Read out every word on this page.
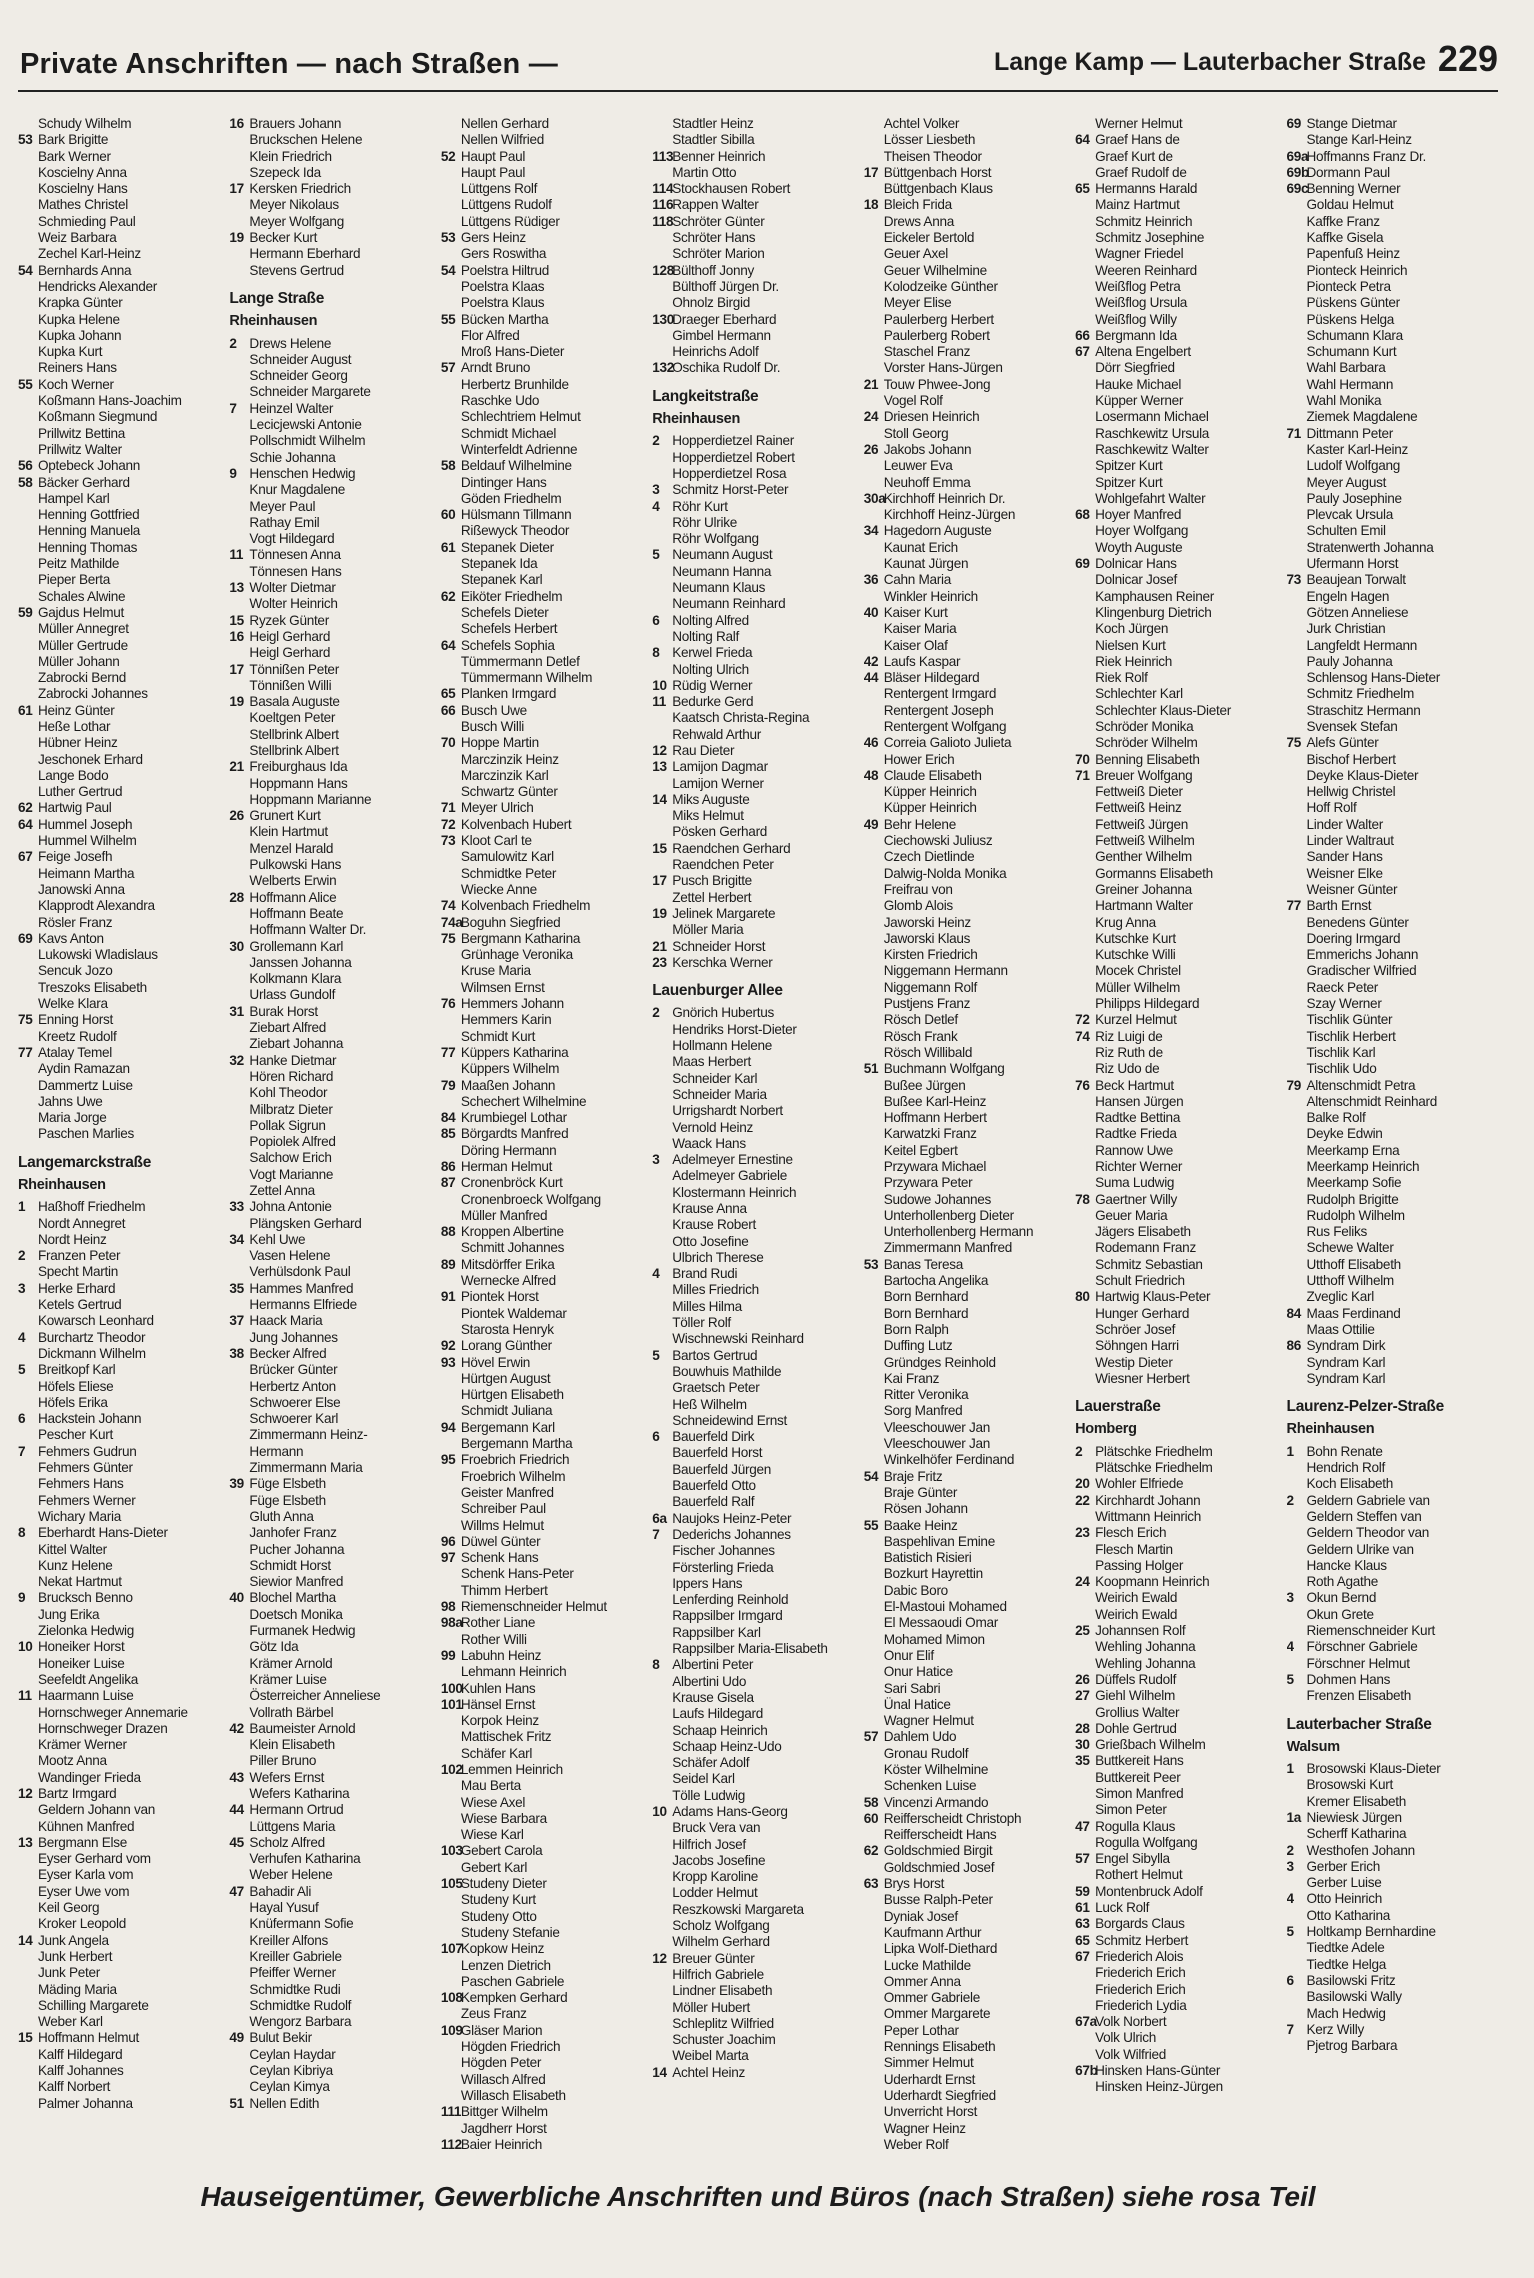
Private Anschriften — nach Straßen —	Lange Kamp — Lauterbacher Straße 229
Schudy Wilhelm
53 Bark Brigitte
Bark Werner
Koscielny Anna
Koscielny Hans
Mathes Christel
Schmieding Paul
Weiz Barbara
Zechel Karl-Heinz
54 Bernhards Anna
Hendricks Alexander
Krapka Günter
Kupka Helene
Kupka Johann
Kupka Kurt
Reiners Hans
55 Koch Werner
Koßmann Hans-Joachim
Koßmann Siegmund
Prillwitz Bettina
Prillwitz Walter
56 Optebeck Johann
58 Bäcker Gerhard
Hampel Karl
Henning Gottfried
Henning Manuela
Henning Thomas
Peitz Mathilde
Pieper Berta
Schales Alwine
59 Gajdus Helmut
Müller Annegret
Müller Gertrude
Müller Johann
Zabrocki Bernd
Zabrocki Johannes
61 Heinz Günter
Heße Lothar
Hübner Heinz
Jeschonek Erhard
Lange Bodo
Luther Gertrud
62 Hartwig Paul
64 Hummel Joseph
Hummel Wilhelm
67 Feige Josefh
Heimann Martha
Janowski Anna
Klapprodt Alexandra
Rösler Franz
69 Kavs Anton
Lukowski Wladislaus
Sencuk Jozo
Treszoks Elisabeth
Welke Klara
75 Enning Horst
Kreetz Rudolf
77 Atalay Temel
Aydin Ramazan
Dammertz Luise
Jahns Uwe
Maria Jorge
Paschen Marlies
Langemarckstraße
Rheinhausen
1 Haßhoff Friedhelm
Nordt Annegret
Nordt Heinz
2 Franzen Peter
Specht Martin
3 Herke Erhard
Ketels Gertrud
Kowarsch Leonhard
4 Burchartz Theodor
Dickmann Wilhelm
5 Breitkopf Karl
Höfels Eliese
Höfels Erika
6 Hackstein Johann
Pescher Kurt
7 Fehmers Gudrun
Fehmers Günter
Fehmers Hans
Fehmers Werner
Wichary Maria
8 Eberhardt Hans-Dieter
Kittel Walter
Kunz Helene
Nekat Hartmut
9 Brucksch Benno
Jung Erika
Zielonka Hedwig
10 Honeiker Horst
Honeiker Luise
Seefeldt Angelika
11 Haarmann Luise
Hornschweger Annemarie
Hornschweger Drazen
Krämer Werner
Mootz Anna
Wandinger Frieda
12 Bartz Irmgard
Geldern Johann van
Kühnen Manfred
13 Bergmann Else
Eyser Gerhard vom
Eyser Karla vom
Eyser Uwe vom
Keil Georg
Kroker Leopold
14 Junk Angela
Junk Herbert
Junk Peter
Mäding Maria
Schilling Margarete
Weber Karl
15 Hoffmann Helmut
Kalff Hildegard
Kalff Johannes
Kalff Norbert
Palmer Johanna
16 Brauers Johann
Bruckschen Helene
Klein Friedrich
Szepeck Ida
17 Kersken Friedrich
Meyer Nikolaus
Meyer Wolfgang
19 Becker Kurt
Hermann Eberhard
Stevens Gertrud
Lange Straße
Rheinhausen
2 Drews Helene
Schneider August
Schneider Georg
Schneider Margarete
7 Heinzel Walter
Lecicjewski Antonie
Pollschmidt Wilhelm
Schie Johanna
9 Henschen Hedwig
Knur Magdalene
Meyer Paul
Rathay Emil
Vogt Hildegard
11 Tönnesen Anna
Tönnesen Hans
13 Wolter Dietmar
Wolter Heinrich
15 Ryzek Günter
16 Heigl Gerhard
Heigl Gerhard
17 Tönnißen Peter
Tönnißen Willi
19 Basala Auguste
Koeltgen Peter
Stellbrink Albert
Stellbrink Albert
21 Freiburghaus Ida
Hoppmann Hans
Hoppmann Marianne
26 Grunert Kurt
Klein Hartmut
Menzel Harald
Pulkowski Hans
Welberts Erwin
28 Hoffmann Alice
Hoffmann Beate
Hoffmann Walter Dr.
30 Grollemann Karl
Janssen Johanna
Kolkmann Klara
Urlass Gundolf
31 Burak Horst
Ziebart Alfred
Ziebart Johanna
32 Hanke Dietmar
Hören Richard
Kohl Theodor
Milbratz Dieter
Pollak Sigrun
Popiolek Alfred
Salchow Erich
Vogt Marianne
Zettel Anna
33 Johna Antonie
Plängsken Gerhard
34 Kehl Uwe
Vasen Helene
Verhülsdonk Paul
35 Hammes Manfred
Hermanns Elfriede
37 Haack Maria
Jung Johannes
38 Becker Alfred
Brücker Günter
Herbertz Anton
Schwoerer Else
Schwoerer Karl
Zimmermann Heinz-
Hermann
Zimmermann Maria
39 Füge Elsbeth
Füge Elsbeth
Gluth Anna
Janhofer Franz
Pucher Johanna
Schmidt Horst
Siewior Manfred
40 Blochel Martha
Doetsch Monika
Furmanek Hedwig
Götz Ida
Krämer Arnold
Krämer Luise
Österreicher Anneliese
Vollrath Bärbel
42 Baumeister Arnold
Klein Elisabeth
Piller Bruno
43 Wefers Ernst
Wefers Katharina
44 Hermann Ortrud
Lüttgens Maria
45 Scholz Alfred
Verhufen Katharina
Weber Helene
47 Bahadir Ali
Hayal Yusuf
Knüfermann Sofie
Kreiller Alfons
Kreiller Gabriele
Pfeiffer Werner
Schmidtke Rudi
Schmidtke Rudolf
Wengorz Barbara
49 Bulut Bekir
Ceylan Haydar
Ceylan Kibriya
Ceylan Kimya
51 Nellen Edith
Nellen Gerhard
Nellen Wilfried
52 Haupt Paul
Haupt Paul
Lüttgens Rolf
Lüttgens Rudolf
Lüttgens Rüdiger
53 Gers Heinz
Gers Roswitha
54 Poelstra Hiltrud
Poelstra Klaas
Poelstra Klaus
55 Bücken Martha
Flor Alfred
Mroß Hans-Dieter
57 Arndt Bruno
Herbertz Brunhilde
Raschke Udo
Schlechtriem Helmut
Schmidt Michael
Winterfeldt Adrienne
58 Beldauf Wilhelmine
Dintinger Hans
Göden Friedhelm
60 Hülsmann Tillmann
Rißewyck Theodor
61 Stepanek Dieter
Stepanek Ida
Stepanek Karl
62 Eiköter Friedhelm
Schefels Dieter
Schefels Herbert
64 Schefels Sophia
Tümmermann Detlef
Tümmermann Wilhelm
65 Planken Irmgard
66 Busch Uwe
Busch Willi
70 Hoppe Martin
Marczinzik Heinz
Marczinzik Karl
Schwartz Günter
71 Meyer Ulrich
72 Kolvenbach Hubert
73 Kloot Carl te
Samulowitz Karl
Schmidtke Peter
Wiecke Anne
74 Kolvenbach Friedhelm
74aBoguhn Siegfried
75 Bergmann Katharina
Grünhage Veronika
Kruse Maria
Wilmsen Ernst
76 Hemmers Johann
Hemmers Karin
Schmidt Kurt
77 Küppers Katharina
Küppers Wilhelm
79 Maaßen Johann
Schechert Wilhelmine
84 Krumbiegel Lothar
85 Börgardts Manfred
Döring Hermann
86 Herman Helmut
87 Cronenbröck Kurt
Cronenbroeck Wolfgang
Müller Manfred
88 Kroppen Albertine
Schmitt Johannes
89 Mitsdörffer Erika
Wernecke Alfred
91 Piontek Horst
Piontek Waldemar
Starosta Henryk
92 Lorang Günther
93 Hövel Erwin
Hürtgen August
Hürtgen Elisabeth
Schmidt Juliana
94 Bergemann Karl
Bergemann Martha
95 Froebrich Friedrich
Froebrich Wilhelm
Geister Manfred
Schreiber Paul
Willms Helmut
96 Düwel Günter
97 Schenk Hans
Schenk Hans-Peter
Thimm Herbert
98 Riemenschneider Helmut
98aRother Liane
Rother Willi
99 Labuhn Heinz
Lehmann Heinrich
100Kuhlen Hans
101Hänsel Ernst
Korpok Heinz
Mattischek Fritz
Schäfer Karl
102Lemmen Heinrich
Mau Berta
Wiese Axel
Wiese Barbara
Wiese Karl
103Gebert Carola
Gebert Karl
105Studeny Dieter
Studeny Kurt
Studeny Otto
Studeny Stefanie
107Kopkow Heinz
Lenzen Dietrich
Paschen Gabriele
108Kempken Gerhard
Zeus Franz
109Gläser Marion
Högden Friedrich
Högden Peter
Willasch Alfred
Willasch Elisabeth
111Bittger Wilhelm
Jagdherr Horst
112Baier Heinrich
Stadtler Heinz
Stadtler Sibilla
113Benner Heinrich
Martin Otto
114Stockhausen Robert
116Rappen Walter
118Schröter Günter
Schröter Hans
Schröter Marion
128Bülthoff Jonny
Bülthoff Jürgen Dr.
Ohnolz Birgid
130Draeger Eberhard
Gimbel Hermann
Heinrichs Adolf
132Oschika Rudolf Dr.
Langkeitstraße
Rheinhausen
2 Hopperdietzel Rainer
Hopperdietzel Robert
Hopperdietzel Rosa
3 Schmitz Horst-Peter
4 Röhr Kurt
Röhr Ulrike
Röhr Wolfgang
5 Neumann August
Neumann Hanna
Neumann Klaus
Neumann Reinhard
6 Nolting Alfred
Nolting Ralf
8 Kerwel Frieda
Nolting Ulrich
10 Rüdig Werner
11 Bedurke Gerd
Kaatsch Christa-Regina
Rehwald Arthur
12 Rau Dieter
13 Lamijon Dagmar
Lamijon Werner
14 Miks Auguste
Miks Helmut
Pösken Gerhard
15 Raendchen Gerhard
Raendchen Peter
17 Pusch Brigitte
Zettel Herbert
19 Jelinek Margarete
Möller Maria
21 Schneider Horst
23 Kerschka Werner
Lauenburger Allee
2 Gnörich Hubertus
Hendriks Horst-Dieter
Hollmann Helene
Maas Herbert
Schneider Karl
Schneider Maria
Urrigshardt Norbert
Vernold Heinz
Waack Hans
3 Adelmeyer Ernestine
Adelmeyer Gabriele
Klostermann Heinrich
Krause Anna
Krause Robert
Otto Josefine
Ulbrich Therese
4 Brand Rudi
Milles Friedrich
Milles Hilma
Töller Rolf
Wischnewski Reinhard
5 Bartos Gertrud
Bouwhuis Mathilde
Graetsch Peter
Heß Wilhelm
Schneidewind Ernst
6 Bauerfeld Dirk
Bauerfeld Horst
Bauerfeld Jürgen
Bauerfeld Otto
Bauerfeld Ralf
6a Naujoks Heinz-Peter
7 Dederichs Johannes
Fischer Johannes
Försterling Frieda
Ippers Hans
Lenferding Reinhold
Rappsilber Irmgard
Rappsilber Karl
Rappsilber Maria-Elisabeth
8 Albertini Peter
Albertini Udo
Krause Gisela
Laufs Hildegard
Schaap Heinrich
Schaap Heinz-Udo
Schäfer Adolf
Seidel Karl
Tölle Ludwig
10 Adams Hans-Georg
Bruck Vera van
Hilfrich Josef
Jacobs Josefine
Kropp Karoline
Lodder Helmut
Reszkowski Margareta
Scholz Wolfgang
Wilhelm Gerhard
12 Breuer Günter
Hilfrich Gabriele
Lindner Elisabeth
Möller Hubert
Schleplitz Wilfried
Schuster Joachim
Weibel Marta
14 Achtel Heinz
Achtel Volker
Lösser Liesbeth
Theisen Theodor
17 Büttgenbach Horst
Büttgenbach Klaus
18 Bleich Frida
Drews Anna
Eickeler Bertold
Geuer Axel
Geuer Wilhelmine
Kolodzeike Günther
Meyer Elise
Paulerberg Herbert
Paulerberg Robert
Staschel Franz
Vorster Hans-Jürgen
21 Touw Phwee-Jong
Vogel Rolf
24 Driesen Heinrich
Stoll Georg
26 Jakobs Johann
Leuwer Eva
Neuhoff Emma
30aKirchhoff Heinrich Dr.
Kirchhoff Heinz-Jürgen
34 Hagedorn Auguste
Kaunat Erich
Kaunat Jürgen
36 Cahn Maria
Winkler Heinrich
40 Kaiser Kurt
Kaiser Maria
Kaiser Olaf
42 Laufs Kaspar
44 Bläser Hildegard
Rentergent Irmgard
Rentergent Joseph
Rentergent Wolfgang
46 Correia Galioto Julieta
Hower Erich
48 Claude Elisabeth
Küpper Heinrich
Küpper Heinrich
49 Behr Helene
Ciechowski Juliusz
Czech Dietlinde
Dalwig-Nolda Monika
Freifrau von
Glomb Alois
Jaworski Heinz
Jaworski Klaus
Kirsten Friedrich
Niggemann Hermann
Niggemann Rolf
Pustjens Franz
Rösch Detlef
Rösch Frank
Rösch Willibald
51 Buchmann Wolfgang
Bußee Jürgen
Bußee Karl-Heinz
Hoffmann Herbert
Karwatzki Franz
Keitel Egbert
Przywara Michael
Przywara Peter
Sudowe Johannes
Unterhollenberg Dieter
Unterhollenberg Hermann
Zimmermann Manfred
53 Banas Teresa
Bartocha Angelika
Born Bernhard
Born Bernhard
Born Ralph
Duffing Lutz
Gründges Reinhold
Kai Franz
Ritter Veronika
Sorg Manfred
Vleeschouwer Jan
Vleeschouwer Jan
Winkelhöfer Ferdinand
54 Braje Fritz
Braje Günter
Rösen Johann
55 Baake Heinz
Baspehlivan Emine
Batistich Risieri
Bozkurt Hayrettin
Dabic Boro
El-Mastoui Mohamed
El Messaoudi Omar
Mohamed Mimon
Onur Elif
Onur Hatice
Sari Sabri
Ünal Hatice
Wagner Helmut
57 Dahlem Udo
Gronau Rudolf
Köster Wilhelmine
Schenken Luise
58 Vincenzi Armando
60 Reifferscheidt Christoph
Reifferscheidt Hans
62 Goldschmied Birgit
Goldschmied Josef
63 Brys Horst
Busse Ralph-Peter
Dyniak Josef
Kaufmann Arthur
Lipka Wolf-Diethard
Lucke Mathilde
Ommer Anna
Ommer Gabriele
Ommer Margarete
Peper Lothar
Rennings Elisabeth
Simmer Helmut
Uderhardt Ernst
Uderhardt Siegfried
Unverricht Horst
Wagner Heinz
Weber Rolf
Werner Helmut
64 Graef Hans de
Graef Kurt de
Graef Rudolf de
65 Hermanns Harald
Mainz Hartmut
Schmitz Heinrich
Schmitz Josephine
Wagner Friedel
Weeren Reinhard
Weißflog Petra
Weißflog Ursula
Weißflog Willy
66 Bergmann Ida
67 Altena Engelbert
Dörr Siegfried
Hauke Michael
Küpper Werner
Losermann Michael
Raschkewitz Ursula
Raschkewitz Walter
Spitzer Kurt
Spitzer Kurt
Wohlgefahrt Walter
68 Hoyer Manfred
Hoyer Wolfgang
Woyth Auguste
69 Dolnicar Hans
Dolnicar Josef
Kamphausen Reiner
Klingenburg Dietrich
Koch Jürgen
Nielsen Kurt
Riek Heinrich
Riek Rolf
Schlechter Karl
Schlechter Klaus-Dieter
Schröder Monika
Schröder Wilhelm
70 Benning Elisabeth
71 Breuer Wolfgang
Fettweiß Dieter
Fettweiß Heinz
Fettweiß Jürgen
Fettweiß Wilhelm
Genther Wilhelm
Gormanns Elisabeth
Greiner Johanna
Hartmann Walter
Krug Anna
Kutschke Kurt
Kutschke Willi
Mocek Christel
Müller Wilhelm
Philipps Hildegard
72 Kurzel Helmut
74 Riz Luigi de
Riz Ruth de
Riz Udo de
76 Beck Hartmut
Hansen Jürgen
Radtke Bettina
Radtke Frieda
Rannow Uwe
Richter Werner
Suma Ludwig
78 Gaertner Willy
Geuer Maria
Jägers Elisabeth
Rodemann Franz
Schmitz Sebastian
Schult Friedrich
80 Hartwig Klaus-Peter
Hunger Gerhard
Schröer Josef
Söhngen Harri
Westip Dieter
Wiesner Herbert
Lauerstraße
Homberg
2 Plätschke Friedhelm
Plätschke Friedhelm
20 Wohler Elfriede
22 Kirchhardt Johann
Wittmann Heinrich
23 Flesch Erich
Flesch Martin
Passing Holger
24 Koopmann Heinrich
Weirich Ewald
Weirich Ewald
25 Johannsen Rolf
Wehling Johanna
Wehling Johanna
26 Düffels Rudolf
27 Giehl Wilhelm
Grollius Walter
28 Dohle Gertrud
30 Grießbach Wilhelm
35 Buttkereit Hans
Buttkereit Peer
Simon Manfred
Simon Peter
47 Rogulla Klaus
Rogulla Wolfgang
57 Engel Sibylla
Rothert Helmut
59 Montenbruck Adolf
61 Luck Rolf
63 Borgards Claus
65 Schmitz Herbert
67 Friederich Alois
Friederich Erich
Friederich Erich
Friederich Lydia
67aVolk Norbert
Volk Ulrich
Volk Wilfried
67bHinsken Hans-Günter
Hinsken Heinz-Jürgen
69 Stange Dietmar
Stange Karl-Heinz
69aHoffmanns Franz Dr.
69bDormann Paul
69cBenning Werner
Goldau Helmut
Kaffke Franz
Kaffke Gisela
Papenfuß Heinz
Pionteck Heinrich
Pionteck Petra
Püskens Günter
Püskens Helga
Schumann Klara
Schumann Kurt
Wahl Barbara
Wahl Hermann
Wahl Monika
Ziemek Magdalene
71 Dittmann Peter
Kaster Karl-Heinz
Ludolf Wolfgang
Meyer August
Pauly Josephine
Plevcak Ursula
Schulten Emil
Stratenwerth Johanna
Ufermann Horst
73 Beaujean Torwalt
Engeln Hagen
Götzen Anneliese
Jurk Christian
Langfeldt Hermann
Pauly Johanna
Schlensog Hans-Dieter
Schmitz Friedhelm
Straschitz Hermann
Svensek Stefan
75 Alefs Günter
Bischof Herbert
Deyke Klaus-Dieter
Hellwig Christel
Hoff Rolf
Linder Walter
Linder Waltraut
Sander Hans
Weisner Elke
Weisner Günter
77 Barth Ernst
Benedens Günter
Doering Irmgard
Emmerichs Johann
Gradischer Wilfried
Raeck Peter
Szay Werner
Tischlik Günter
Tischlik Herbert
Tischlik Karl
Tischlik Udo
79 Altenschmidt Petra
Altenschmidt Reinhard
Balke Rolf
Deyke Edwin
Meerkamp Erna
Meerkamp Heinrich
Meerkamp Sofie
Rudolph Brigitte
Rudolph Wilhelm
Rus Feliks
Schewe Walter
Utthoff Elisabeth
Utthoff Wilhelm
Zveglic Karl
84 Maas Ferdinand
Maas Ottilie
86 Syndram Dirk
Syndram Karl
Syndram Karl
Laurenz-Pelzer-Straße
Rheinhausen
1 Bohn Renate
Hendrich Rolf
Koch Elisabeth
2 Geldern Gabriele van
Geldern Steffen van
Geldern Theodor van
Geldern Ulrike van
Hancke Klaus
Roth Agathe
3 Okun Bernd
Okun Grete
Riemenschneider Kurt
4 Förschner Gabriele
Förschner Helmut
5 Dohmen Hans
Frenzen Elisabeth
Lauterbacher Straße
Walsum
1 Brosowski Klaus-Dieter
Brosowski Kurt
Kremer Elisabeth
1a Niewiesk Jürgen
Scherff Katharina
2 Westhofen Johann
3 Gerber Erich
Gerber Luise
4 Otto Heinrich
Otto Katharina
5 Holtkamp Bernhardine
Tiedtke Adele
Tiedtke Helga
6 Basilowski Fritz
Basilowski Wally
Mach Hedwig
7 Kerz Willy
Pjetrog Barbara
Hauseigentümer, Gewerbliche Anschriften und Büros (nach Straßen) siehe rosa Teil
